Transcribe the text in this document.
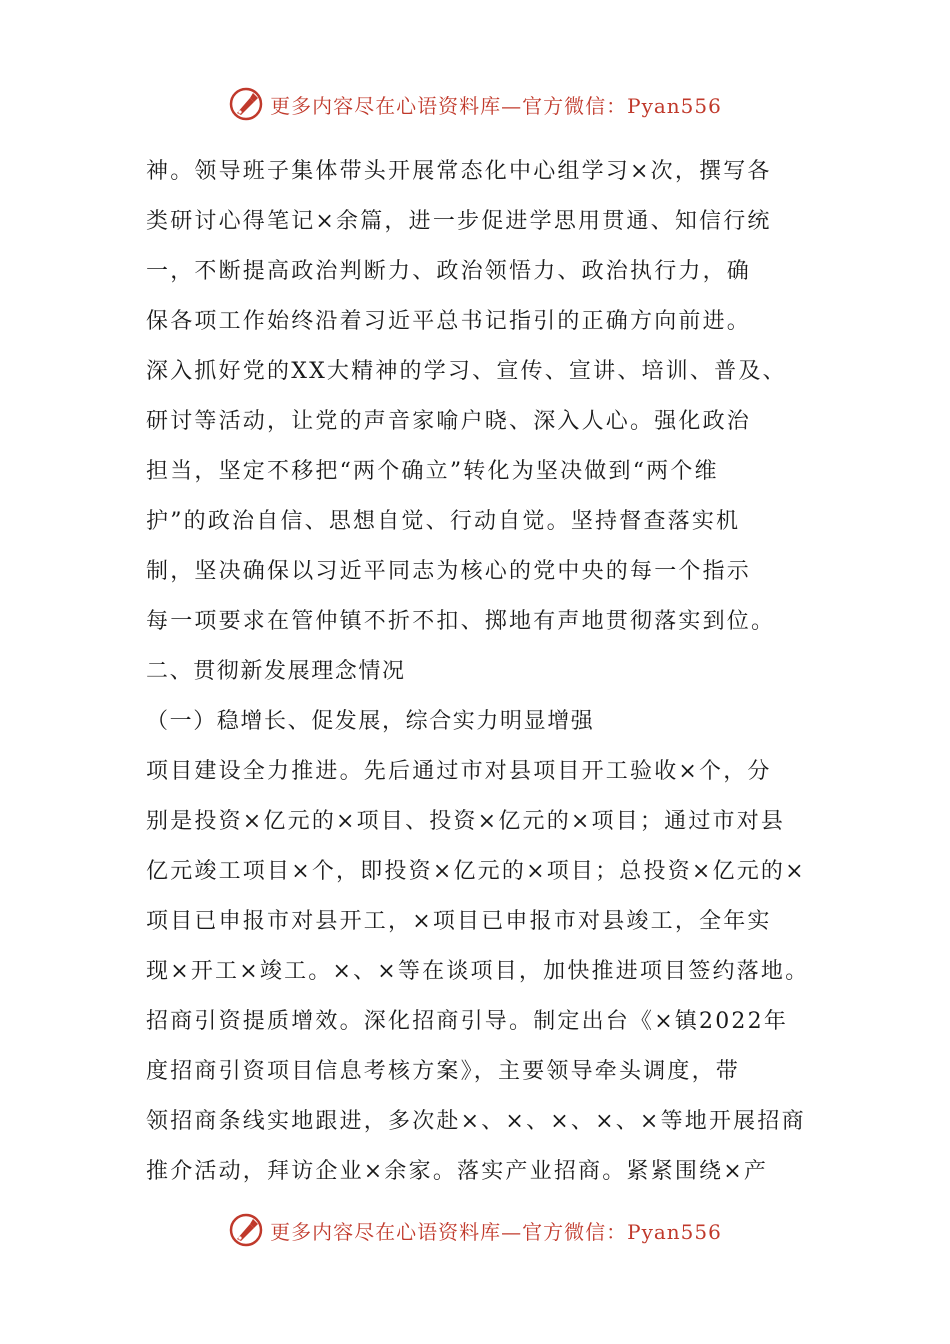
更多内容尽在心语资料库—官方微信：Pyan556
神。领导班子集体带头开展常态化中心组学习×次，撰写各
类研讨心得笔记×余篇，进一步促进学思用贯通、知信行统
一，不断提高政治判断力、政治领悟力、政治执行力，确
保各项工作始终沿着习近平总书记指引的正确方向前进。
深入抓好党的XX大精神的学习、宣传、宣讲、培训、普及、
研讨等活动，让党的声音家喻户晓、深入人心。强化政治
担当，坚定不移把“两个确立”转化为坚决做到“两个维
护”的政治自信、思想自觉、行动自觉。坚持督查落实机
制，坚决确保以习近平同志为核心的党中央的每一个指示
每一项要求在管仲镇不折不扣、掷地有声地贯彻落实到位。
二、贯彻新发展理念情况
（一）稳增长、促发展，综合实力明显增强
项目建设全力推进。先后通过市对县项目开工验收×个，分
别是投资×亿元的×项目、投资×亿元的×项目；通过市对县
亿元竣工项目×个，即投资×亿元的×项目；总投资×亿元的×
项目已申报市对县开工，×项目已申报市对县竣工，全年实
现×开工×竣工。×、×等在谈项目，加快推进项目签约落地。
招商引资提质增效。深化招商引导。制定出台《×镇2022年
度招商引资项目信息考核方案》，主要领导牵头调度，带
领招商条线实地跟进，多次赴×、×、×、×、×等地开展招商
推介活动，拜访企业×余家。落实产业招商。紧紧围绕×产
更多内容尽在心语资料库—官方微信：Pyan556
